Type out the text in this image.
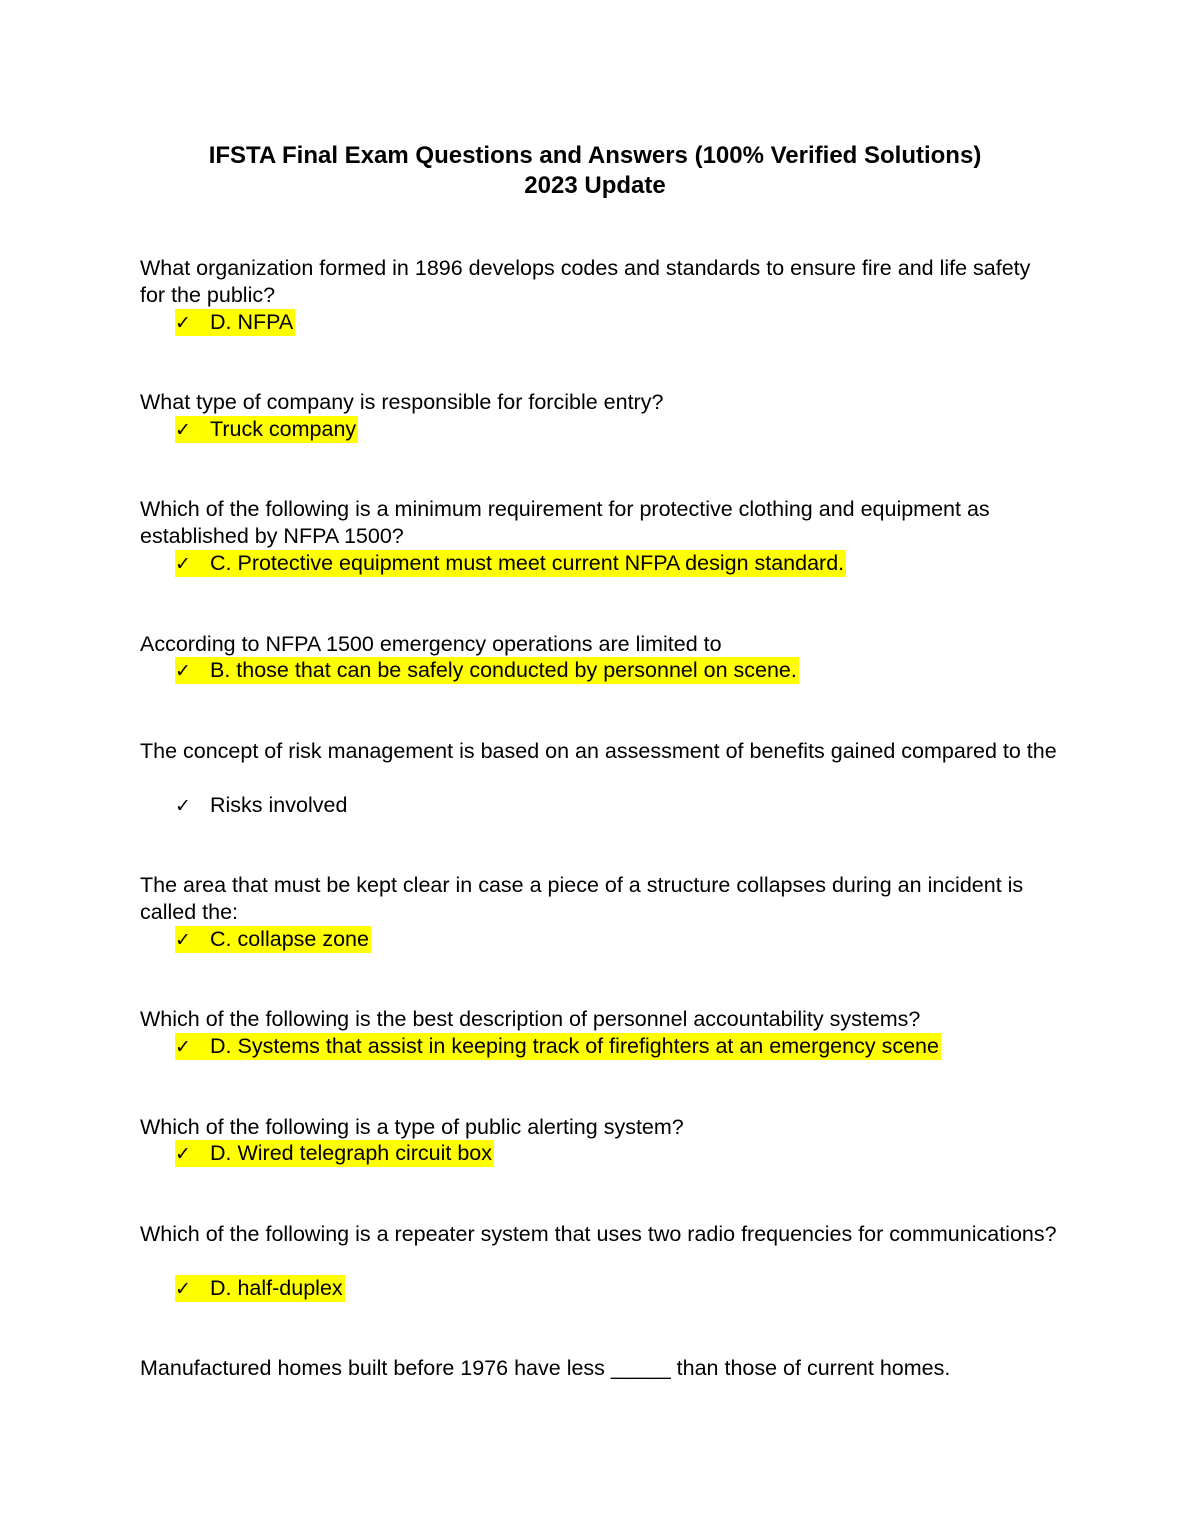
IFSTA Final Exam Questions and Answers (100% Verified Solutions)
2023 Update
What organization formed in 1896 develops codes and standards to ensure fire and life safety for the public?
✓ D. NFPA
What type of company is responsible for forcible entry?
✓ Truck company
Which of the following is a minimum requirement for protective clothing and equipment as established by NFPA 1500?
✓ C. Protective equipment must meet current NFPA design standard.
According to NFPA 1500 emergency operations are limited to
✓ B. those that can be safely conducted by personnel on scene.
The concept of risk management is based on an assessment of benefits gained compared to the
✓ Risks involved
The area that must be kept clear in case a piece of a structure collapses during an incident is called the:
✓ C. collapse zone
Which of the following is the best description of personnel accountability systems?
✓ D. Systems that assist in keeping track of firefighters at an emergency scene
Which of the following is a type of public alerting system?
✓ D. Wired telegraph circuit box
Which of the following is a repeater system that uses two radio frequencies for communications?
✓ D. half-duplex
Manufactured homes built before 1976 have less _____ than those of current homes.
